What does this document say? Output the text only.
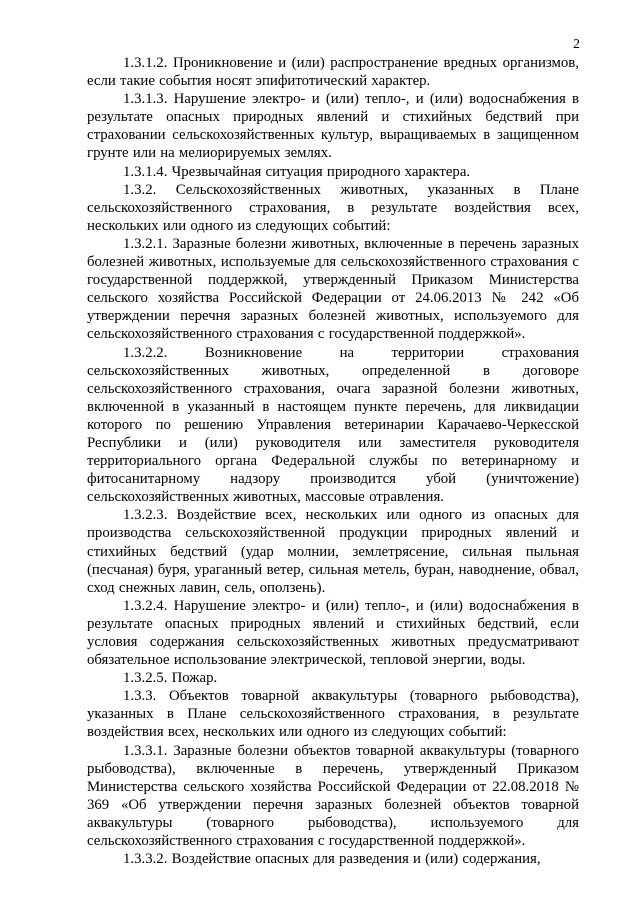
2

1.3.1.2. Проникновение и (или) распространение вредных организмов, если такие события носят эпифитотический характер.

1.3.1.3. Нарушение электро- и (или) тепло-, и (или) водоснабжения в результате опасных природных явлений и стихийных бедствий при страховании сельскохозяйственных культур, выращиваемых в защищенном грунте или на мелиорируемых землях.

1.3.1.4. Чрезвычайная ситуация природного характера.

1.3.2. Сельскохозяйственных животных, указанных в Плане сельскохозяйственного страхования, в результате воздействия всех, нескольких или одного из следующих событий:

1.3.2.1. Заразные болезни животных, включенные в перечень заразных болезней животных, используемые для сельскохозяйственного страхования с государственной поддержкой, утвержденный Приказом Министерства сельского хозяйства Российской Федерации от 24.06.2013 № 242 «Об утверждении перечня заразных болезней животных, используемого для сельскохозяйственного страхования с государственной поддержкой».

1.3.2.2. Возникновение на территории страхования сельскохозяйственных животных, определенной в договоре сельскохозяйственного страхования, очага заразной болезни животных, включенной в указанный в настоящем пункте перечень, для ликвидации которого по решению Управления ветеринарии Карачаево-Черкесской Республики и (или) руководителя или заместителя руководителя территориального органа Федеральной службы по ветеринарному и фитосанитарному надзору производится убой (уничтожение) сельскохозяйственных животных, массовые отравления.

1.3.2.3. Воздействие всех, нескольких или одного из опасных для производства сельскохозяйственной продукции природных явлений и стихийных бедствий (удар молнии, землетрясение, сильная пыльная (песчаная) буря, ураганный ветер, сильная метель, буран, наводнение, обвал, сход снежных лавин, сель, оползень).

1.3.2.4. Нарушение электро- и (или) тепло-, и (или) водоснабжения в результате опасных природных явлений и стихийных бедствий, если условия содержания сельскохозяйственных животных предусматривают обязательное использование электрической, тепловой энергии, воды.

1.3.2.5. Пожар.

1.3.3. Объектов товарной аквакультуры (товарного рыбоводства), указанных в Плане сельскохозяйственного страхования, в результате воздействия всех, нескольких или одного из следующих событий:

1.3.3.1. Заразные болезни объектов товарной аквакультуры (товарного рыбоводства), включенные в перечень, утвержденный Приказом Министерства сельского хозяйства Российской Федерации от 22.08.2018 № 369 «Об утверждении перечня заразных болезней объектов товарной аквакультуры (товарного рыбоводства), используемого для сельскохозяйственного страхования с государственной поддержкой».

1.3.3.2. Воздействие опасных для разведения и (или) содержания,
